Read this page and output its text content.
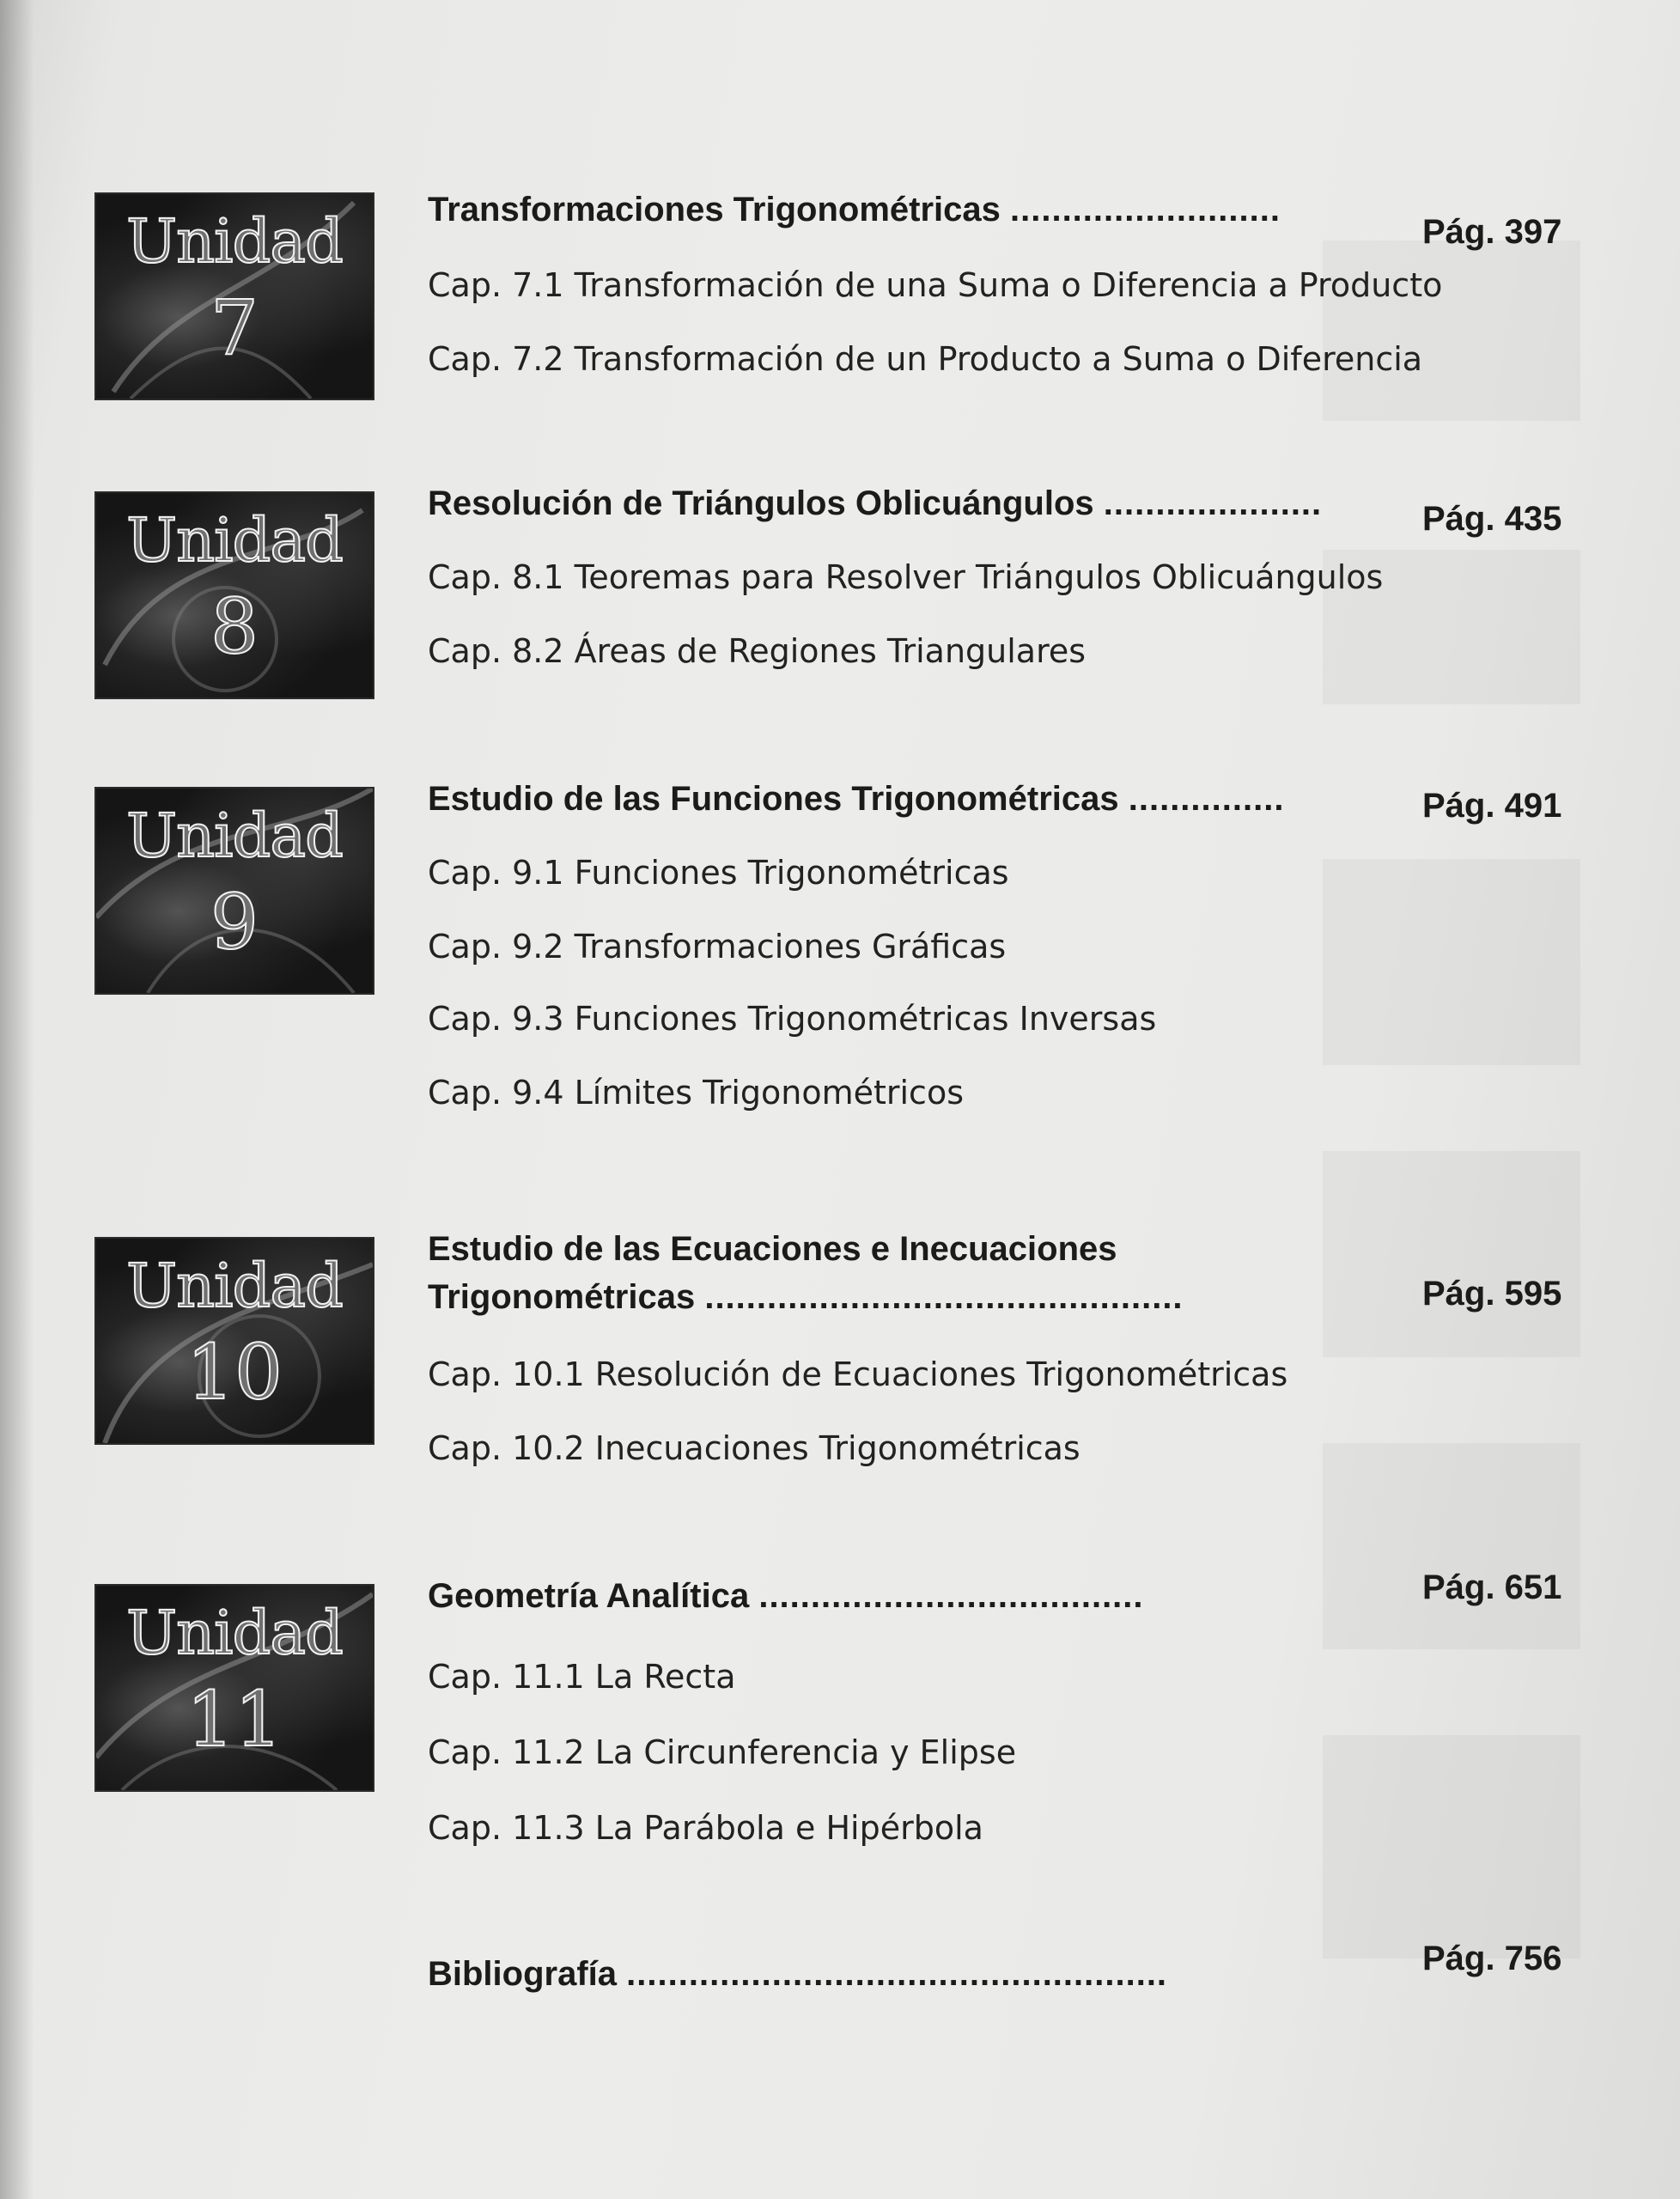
Unidad
7
Transformaciones Trigonométricas ..........................
Pág. 397
Cap. 7.1 Transformación de una Suma o Diferencia a Producto
Cap. 7.2 Transformación de un Producto a Suma o Diferencia
Unidad
8
Resolución de Triángulos Oblicuángulos .....................	Pág. 435
Cap. 8.1 Teoremas para Resolver Triángulos Oblicuángulos
Cap. 8.2 Áreas de Regiones Triangulares
Unidad
9
Estudio de las Funciones Trigonométricas ...............	Pág. 491
Cap. 9.1 Funciones Trigonométricas
Cap. 9.2 Transformaciones Gráficas
Cap. 9.3 Funciones Trigonométricas Inversas
Cap. 9.4 Límites Trigonométricos
Unidad
10
Estudio de las Ecuaciones e Inecuaciones
Trigonométricas ..............................................	Pág. 595
Cap. 10.1 Resolución de Ecuaciones Trigonométricas
Cap. 10.2 Inecuaciones Trigonométricas
Unidad
11
Geometría Analítica .....................................	Pág. 651
Cap. 11.1 La Recta
Cap. 11.2 La Circunferencia y Elipse
Cap. 11.3 La Parábola e Hipérbola
Bibliografía ....................................................	Pág. 756
